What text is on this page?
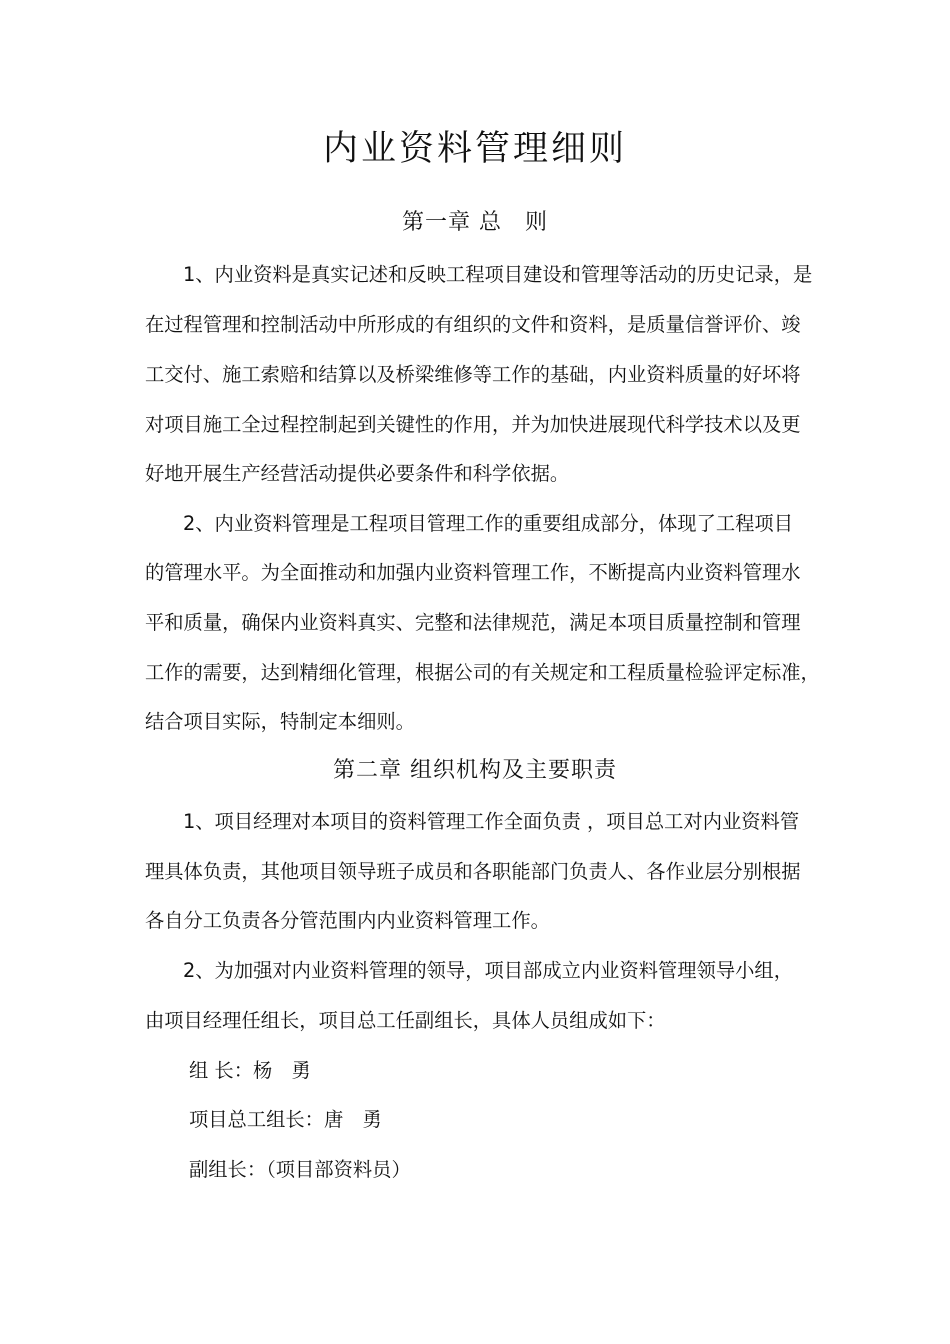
内业资料管理细则
第一章 总　则
1、内业资料是真实记述和反映工程项目建设和管理等活动的历史记录，是
在过程管理和控制活动中所形成的有组织的文件和资料，是质量信誉评价、竣
工交付、施工索赔和结算以及桥梁维修等工作的基础，内业资料质量的好坏将
对项目施工全过程控制起到关键性的作用，并为加快进展现代科学技术以及更
好地开展生产经营活动提供必要条件和科学依据。
2、内业资料管理是工程项目管理工作的重要组成部分，体现了工程项目
的管理水平。为全面推动和加强内业资料管理工作，不断提高内业资料管理水
平和质量，确保内业资料真实、完整和法律规范，满足本项目质量控制和管理
工作的需要，达到精细化管理，根据公司的有关规定和工程质量检验评定标准，
结合项目实际，特制定本细则。
第二章 组织机构及主要职责
1、项目经理对本项目的资料管理工作全面负责 ，项目总工对内业资料管
理具体负责，其他项目领导班子成员和各职能部门负责人、各作业层分别根据
各自分工负责各分管范围内内业资料管理工作。
2、为加强对内业资料管理的领导，项目部成立内业资料管理领导小组，
由项目经理任组长，项目总工任副组长，具体人员组成如下：
组 长：杨　勇
项目总工组长：唐　勇
副组长：（项目部资料员）
